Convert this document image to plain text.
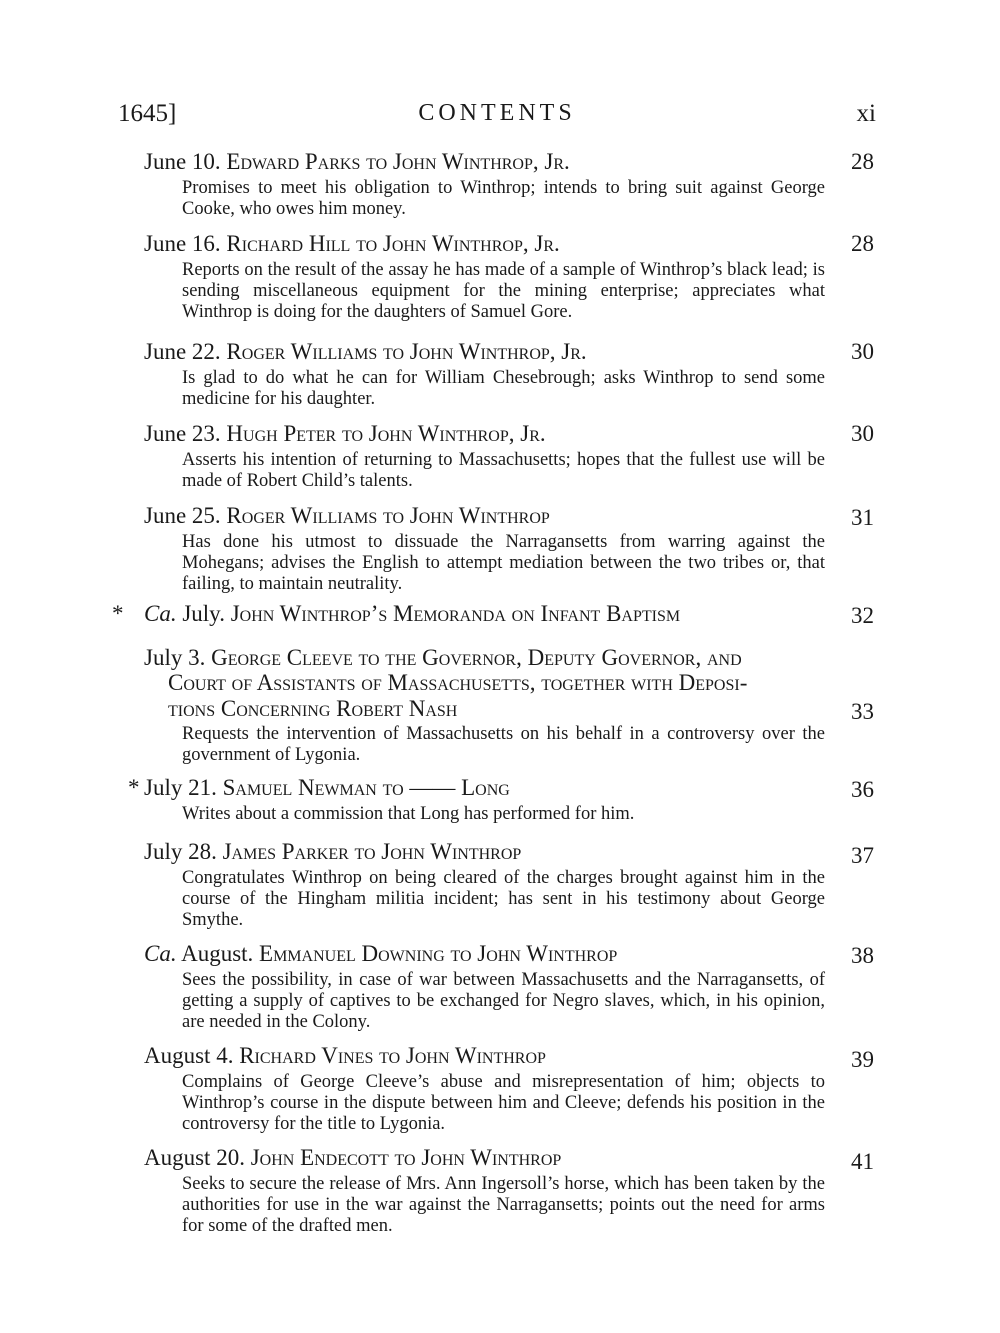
1645]	CONTENTS	xi
June 10. Edward Parks to John Winthrop, Jr.	28

Promises to meet his obligation to Winthrop; intends to bring suit against George Cooke, who owes him money.

June 16. Richard Hill to John Winthrop, Jr.	28

Reports on the result of the assay he has made of a sample of Winthrop’s black lead; is sending miscellaneous equipment for the mining enterprise; appreciates what Winthrop is doing for the daughters of Samuel Gore.

June 22. Roger Williams to John Winthrop, Jr.	30

Is glad to do what he can for William Chesebrough; asks Winthrop to send some medicine for his daughter.

June 23. Hugh Peter to John Winthrop, Jr.	30

Asserts his intention of returning to Massachusetts; hopes that the fullest use will be made of Robert Child’s talents.

June 25. Roger Williams to John Winthrop	31

Has done his utmost to dissuade the Narragansetts from warring against the Mohegans; advises the English to attempt mediation between the two tribes or, that failing, to maintain neutrality.

* Ca. July. John Winthrop’s Memoranda on Infant Baptism	32
July 3. George Cleeve to the Governor, Deputy Governor, and
Court of Assistants of Massachusetts, together with Deposi-
tions Concerning Robert Nash	33

Requests the intervention of Massachusetts on his behalf in a controversy over the government of Lygonia.

* July 21. Samuel Newman to —— Long	36

Writes about a commission that Long has performed for him.

July 28. James Parker to John Winthrop	37

Congratulates Winthrop on being cleared of the charges brought against him in the course of the Hingham militia incident; has sent in his testimony about George Smythe.

Ca. August. Emmanuel Downing to John Winthrop	38

Sees the possibility, in case of war between Massachusetts and the Narragansetts, of getting a supply of captives to be exchanged for Negro slaves, which, in his opinion, are needed in the Colony.

August 4. Richard Vines to John Winthrop	39

Complains of George Cleeve’s abuse and misrepresentation of him; objects to Winthrop’s course in the dispute between him and Cleeve; defends his position in the controversy for the title to Lygonia.

August 20. John Endecott to John Winthrop	41

Seeks to secure the release of Mrs. Ann Ingersoll’s horse, which has been taken by the authorities for use in the war against the Narragansetts; points out the need for arms for some of the drafted men.
